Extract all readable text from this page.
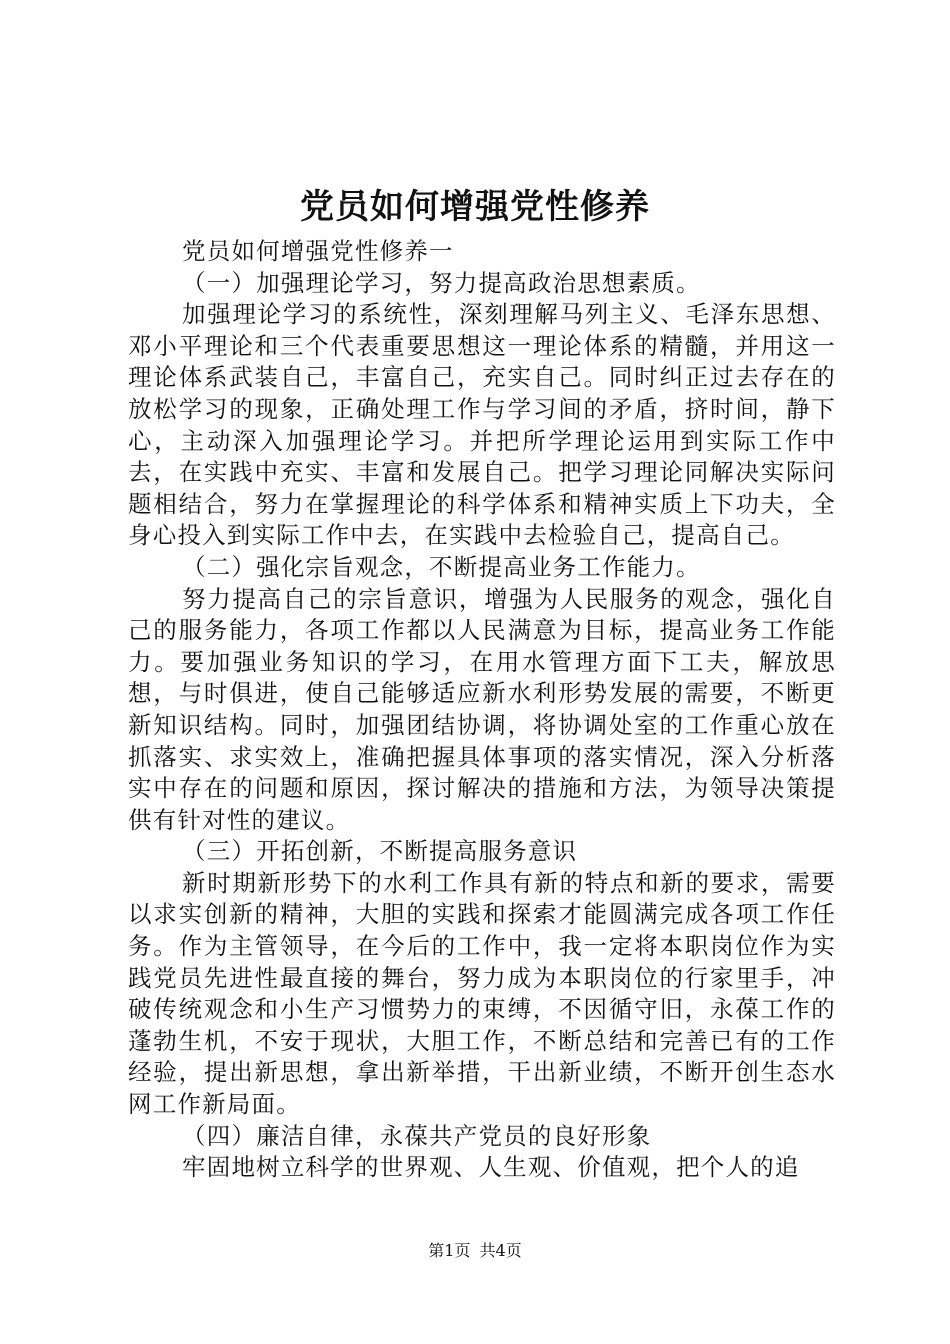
党员如何增强党性修养

党员如何增强党性修养一

（一）加强理论学习，努力提高政治思想素质。

加强理论学习的系统性，深刻理解马列主义、毛泽东思想、邓小平理论和三个代表重要思想这一理论体系的精髓，并用这一理论体系武装自己，丰富自己，充实自己。同时纠正过去存在的放松学习的现象，正确处理工作与学习间的矛盾，挤时间，静下心，主动深入加强理论学习。并把所学理论运用到实际工作中去，在实践中充实、丰富和发展自己。把学习理论同解决实际问题相结合，努力在掌握理论的科学体系和精神实质上下功夫，全身心投入到实际工作中去，在实践中去检验自己，提高自己。

（二）强化宗旨观念，不断提高业务工作能力。

努力提高自己的宗旨意识，增强为人民服务的观念，强化自己的服务能力，各项工作都以人民满意为目标，提高业务工作能力。要加强业务知识的学习，在用水管理方面下工夫，解放思想，与时俱进，使自己能够适应新水利形势发展的需要，不断更新知识结构。同时，加强团结协调，将协调处室的工作重心放在抓落实、求实效上，准确把握具体事项的落实情况，深入分析落实中存在的问题和原因，探讨解决的措施和方法，为领导决策提供有针对性的建议。

（三）开拓创新，不断提高服务意识

新时期新形势下的水利工作具有新的特点和新的要求，需要以求实创新的精神，大胆的实践和探索才能圆满完成各项工作任务。作为主管领导，在今后的工作中，我一定将本职岗位作为实践党员先进性最直接的舞台，努力成为本职岗位的行家里手，冲破传统观念和小生产习惯势力的束缚，不因循守旧，永葆工作的蓬勃生机，不安于现状，大胆工作，不断总结和完善已有的工作经验，提出新思想，拿出新举措，干出新业绩，不断开创生态水网工作新局面。

（四）廉洁自律，永葆共产党员的良好形象

牢固地树立科学的世界观、人生观、价值观，把个人的追

第1页 共4页
